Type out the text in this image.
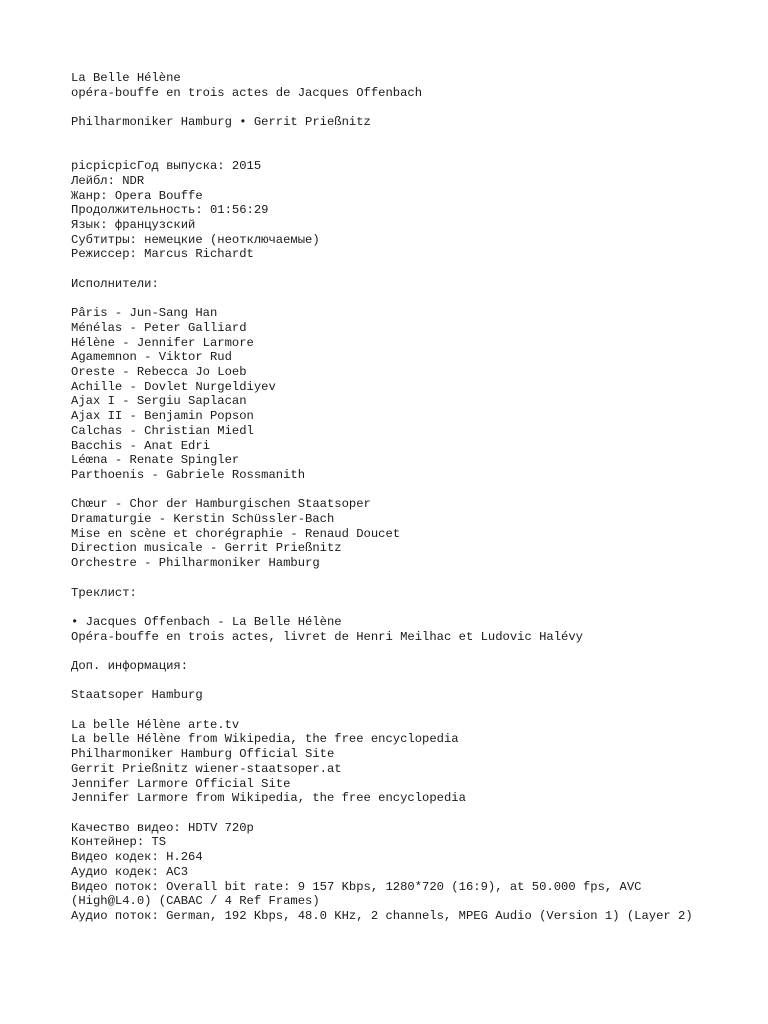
La Belle Hélène
opéra-bouffe en trois actes de Jacques Offenbach
Philharmoniker Hamburg • Gerrit Prießnitz
picpicpicГод выпуска: 2015
Лейбл: NDR
Жанр: Opera Bouffe
Продолжительность: 01:56:29
Язык: французский
Субтитры: немецкие (неотключаемые)
Режиссер: Marcus Richardt
Исполнители:
Pâris - Jun-Sang Han
Ménélas - Peter Galliard
Hélène - Jennifer Larmore
Agamemnon - Viktor Rud
Oreste - Rebecca Jo Loeb
Achille - Dovlet Nurgeldiyev
Ajax I - Sergiu Saplacan
Ajax II - Benjamin Popson
Calchas - Christian Miedl
Bacchis - Anat Edri
Léœna - Renate Spingler
Parthoenis - Gabriele Rossmanith
Chœur - Chor der Hamburgischen Staatsoper
Dramaturgie - Kerstin Schüssler-Bach
Mise en scène et chorégraphie - Renaud Doucet
Direction musicale - Gerrit Prießnitz
Orchestre - Philharmoniker Hamburg
Треклист:
• Jacques Offenbach - La Belle Hélène
Opéra-bouffe en trois actes, livret de Henri Meilhac et Ludovic Halévy
Доп. информация:
Staatsoper Hamburg
La belle Hélène arte.tv
La belle Hélène from Wikipedia, the free encyclopedia
Philharmoniker Hamburg Official Site
Gerrit Prießnitz wiener-staatsoper.at
Jennifer Larmore Official Site
Jennifer Larmore from Wikipedia, the free encyclopedia
Качество видео: HDTV 720p
Контейнер: TS
Видео кодек: H.264
Аудио кодек: AC3
Видео поток: Overall bit rate: 9 157 Kbps, 1280*720 (16:9), at 50.000 fps, AVC (High@L4.0) (CABAC / 4 Ref Frames)
Аудио поток: German, 192 Kbps, 48.0 KHz, 2 channels, MPEG Audio (Version 1) (Layer 2)
